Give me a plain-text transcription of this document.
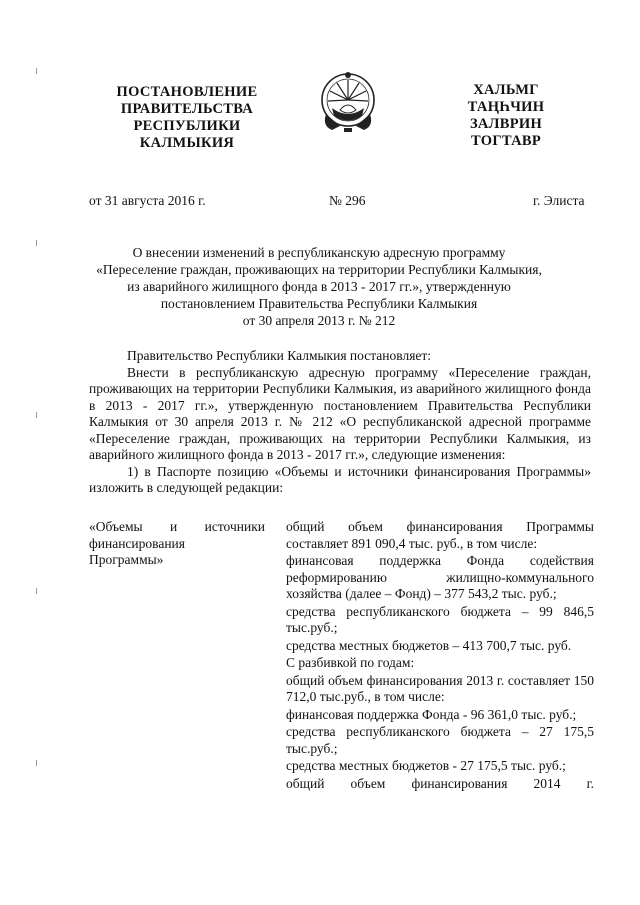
ПОСТАНОВЛЕНИЕ
ПРАВИТЕЛЬСТВА
РЕСПУБЛИКИ
КАЛМЫКИЯ
ХАЛЬМГ
ТАҢҺЧИН
ЗАЛВРИН
ТОГТАВР
от 31 августа 2016 г.	№ 296	г. Элиста
О внесении изменений в республиканскую адресную программу
«Переселение граждан, проживающих на территории Республики Калмыкия,
из аварийного жилищного фонда в 2013 - 2017 гг.», утвержденную
постановлением Правительства Республики Калмыкия
от 30 апреля 2013 г. № 212

Правительство Республики Калмыкия постановляет:

Внести в республиканскую адресную программу «Переселение граждан, проживающих на территории Республики Калмыкия, из аварийного жилищного фонда в 2013 - 2017 гг.», утвержденную постановлением Правительства Республики Калмыкия от 30 апреля 2013 г. № 212 «О республиканской адресной программе «Переселение граждан, проживающих на территории Республики Калмыкия, из аварийного жилищного фонда в 2013 - 2017 гг.», следующие изменения:

1) в Паспорте позицию «Объемы и источники финансирования Программы» изложить в следующей редакции:

«Объемы и источники
финансирования
Программы»

общий объем финансирования Программы составляет 891 090,4 тыс. руб., в том числе:

финансовая поддержка Фонда содействия реформированию жилищно-коммунального хозяйства (далее – Фонд) – 377 543,2 тыс. руб.;

средства республиканского бюджета – 99 846,5 тыс.руб.;

средства местных бюджетов – 413 700,7 тыс. руб.

С разбивкой по годам:

общий объем финансирования 2013 г. составляет 150 712,0 тыс.руб., в том числе:

финансовая поддержка Фонда - 96 361,0 тыс. руб.;

средства республиканского бюджета – 27 175,5 тыс.руб.;

средства местных бюджетов - 27 175,5 тыс. руб.;

общий объем финансирования 2014 г.
